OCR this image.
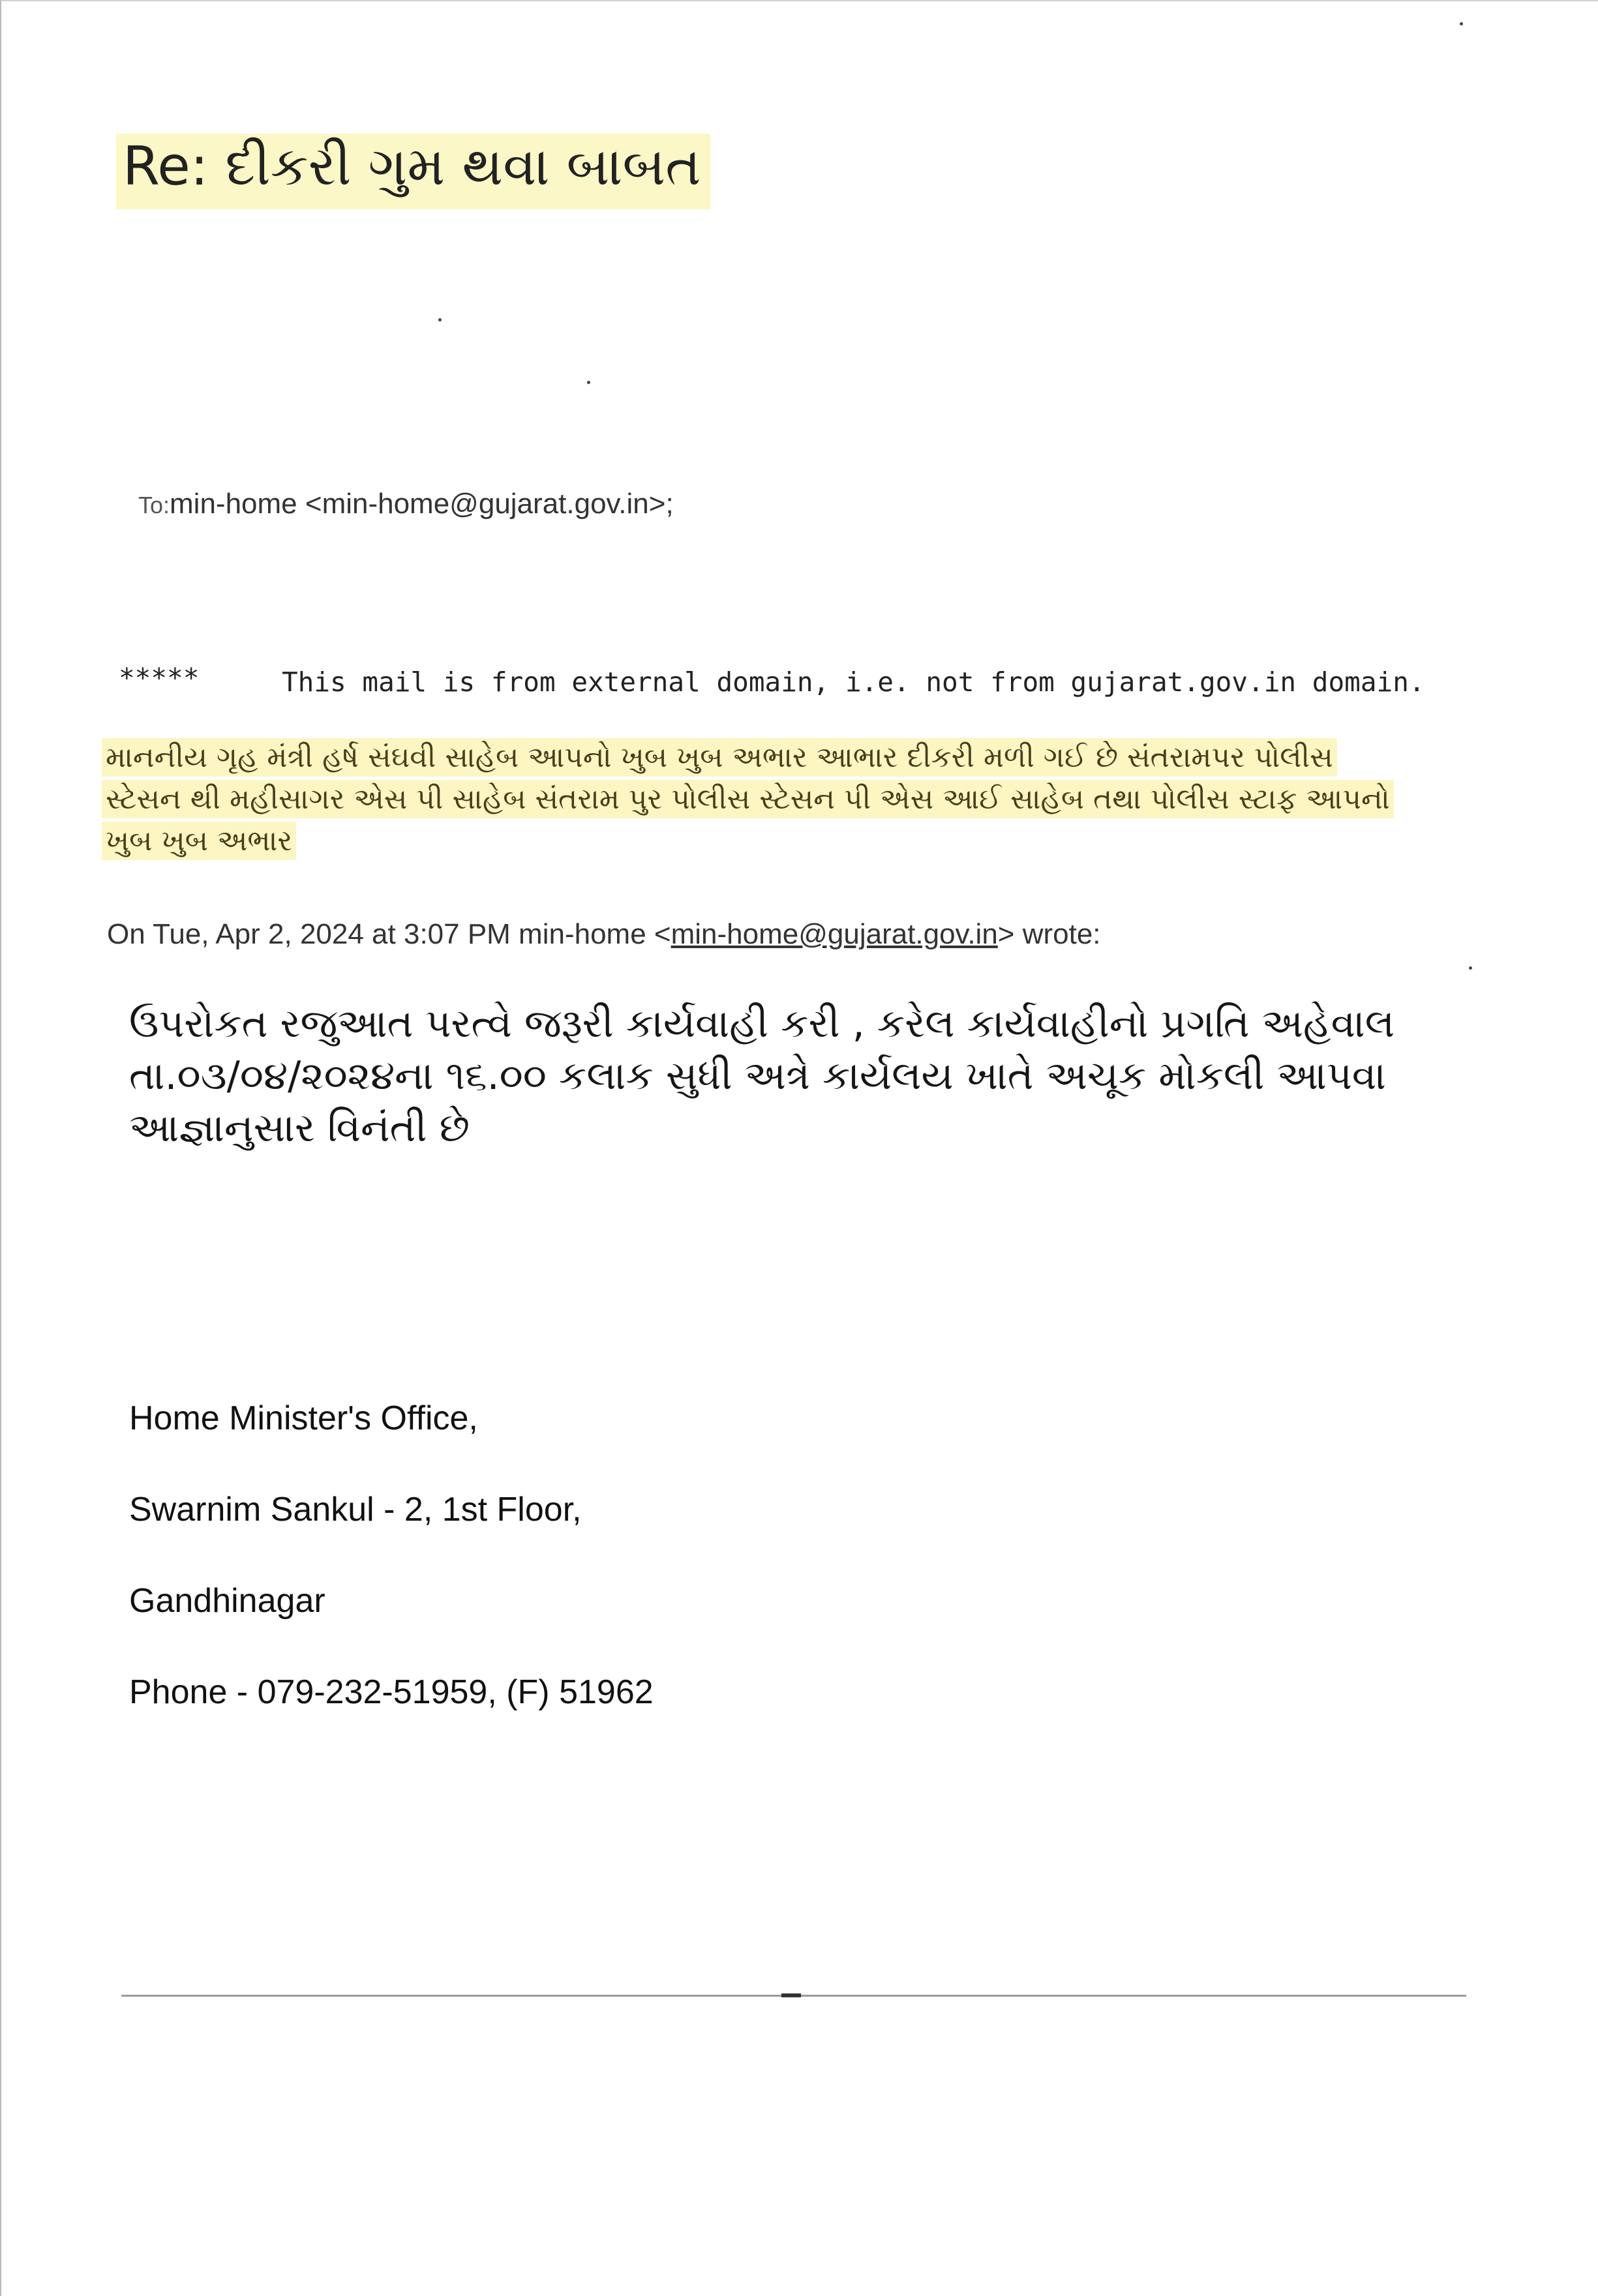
Re: દીકરી ગુમ થવા બાબત
To:min-home <min-home@gujarat.gov.in>;
*****	This mail is from external domain, i.e. not from gujarat.gov.in domain.
માનનીય ગૃહ મંત્રી હર્ષ સંઘવી સાહેબ આપનો ખુબ ખુબ અભાર આભાર દીકરી મળી ગઈ છે સંતરામપર પોલીસ
સ્ટેસન થી મહીસાગર એસ પી સાહેબ સંતરામ પુર પોલીસ સ્ટેસન પી એસ આઈ સાહેબ તથા પોલીસ સ્ટાફ આપનો
ખુબ ખુબ અભાર
On Tue, Apr 2, 2024 at 3:07 PM min-home <min-home@gujarat.gov.in> wrote:
ઉપરોકત રજુઆત પરત્વે જરૂરી કાર્યવાહી કરી , કરેલ કાર્યવાહીનો પ્રગતિ અહેવાલ
તા.૦૩/૦૪/૨૦૨૪ના ૧૬.૦૦ કલાક સુધી અત્રે કાર્યલય ખાતે અચૂક મોકલી આપવા
આજ્ઞાનુસાર વિનંતી છે
Home Minister's Office,
Swarnim Sankul - 2, 1st Floor,
Gandhinagar
Phone - 079-232-51959, (F) 51962
